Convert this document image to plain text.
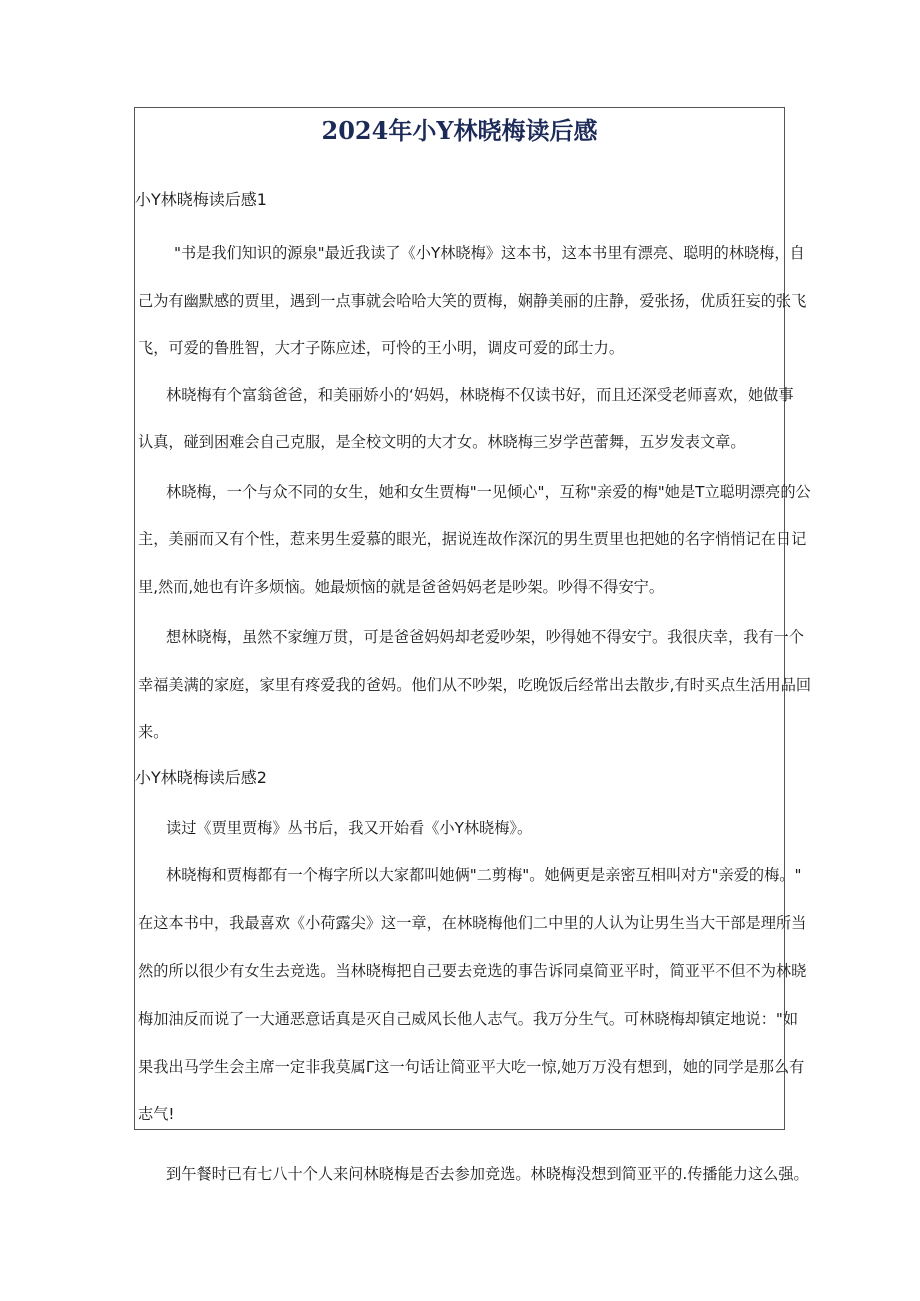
2024年小Y林晓梅读后感
小Y林晓梅读后感1

"书是我们知识的源泉"最近我读了《小Y林晓梅》这本书，这本书里有漂亮、聪明的林晓梅，自

己为有幽默感的贾里，遇到一点事就会哈哈大笑的贾梅，娴静美丽的庄静，爱张扬，优质狂妄的张飞

飞，可爱的鲁胜智，大才子陈应述，可怜的王小明，调皮可爱的邱士力。

林晓梅有个富翁爸爸，和美丽娇小的‘妈妈，林晓梅不仅读书好，而且还深受老师喜欢，她做事

认真，碰到困难会自己克服，是全校文明的大才女。林晓梅三岁学芭蕾舞，五岁发表文章。

林晓梅，一个与众不同的女生，她和女生贾梅"一见倾心"，互称"亲爱的梅"她是T立聪明漂亮的公

主，美丽而又有个性，惹来男生爱慕的眼光，据说连故作深沉的男生贾里也把她的名字悄悄记在日记

里,然而,她也有许多烦恼。她最烦恼的就是爸爸妈妈老是吵架。吵得不得安宁。

想林晓梅，虽然不家缠万贯，可是爸爸妈妈却老爱吵架，吵得她不得安宁。我很庆幸，我有一个

幸福美满的家庭，家里有疼爱我的爸妈。他们从不吵架，吃晚饭后经常出去散步,有时买点生活用品回

来。

小Y林晓梅读后感2

读过《贾里贾梅》丛书后，我又开始看《小Y林晓梅》。

林晓梅和贾梅都有一个梅字所以大家都叫她俩"二剪梅"。她俩更是亲密互相叫对方"亲爱的梅。"

在这本书中，我最喜欢《小荷露尖》这一章，在林晓梅他们二中里的人认为让男生当大干部是理所当

然的所以很少有女生去竞选。当林晓梅把自己要去竞选的事告诉同桌简亚平时，简亚平不但不为林晓

梅加油反而说了一大通恶意话真是灭自己威风长他人志气。我万分生气。可林晓梅却镇定地说："如

果我出马学生会主席一定非我莫属Γ这一句话让简亚平大吃一惊,她万万没有想到，她的同学是那么有

志气!

到午餐时已有七八十个人来问林晓梅是否去参加竞选。林晓梅没想到简亚平的.传播能力这么强。
